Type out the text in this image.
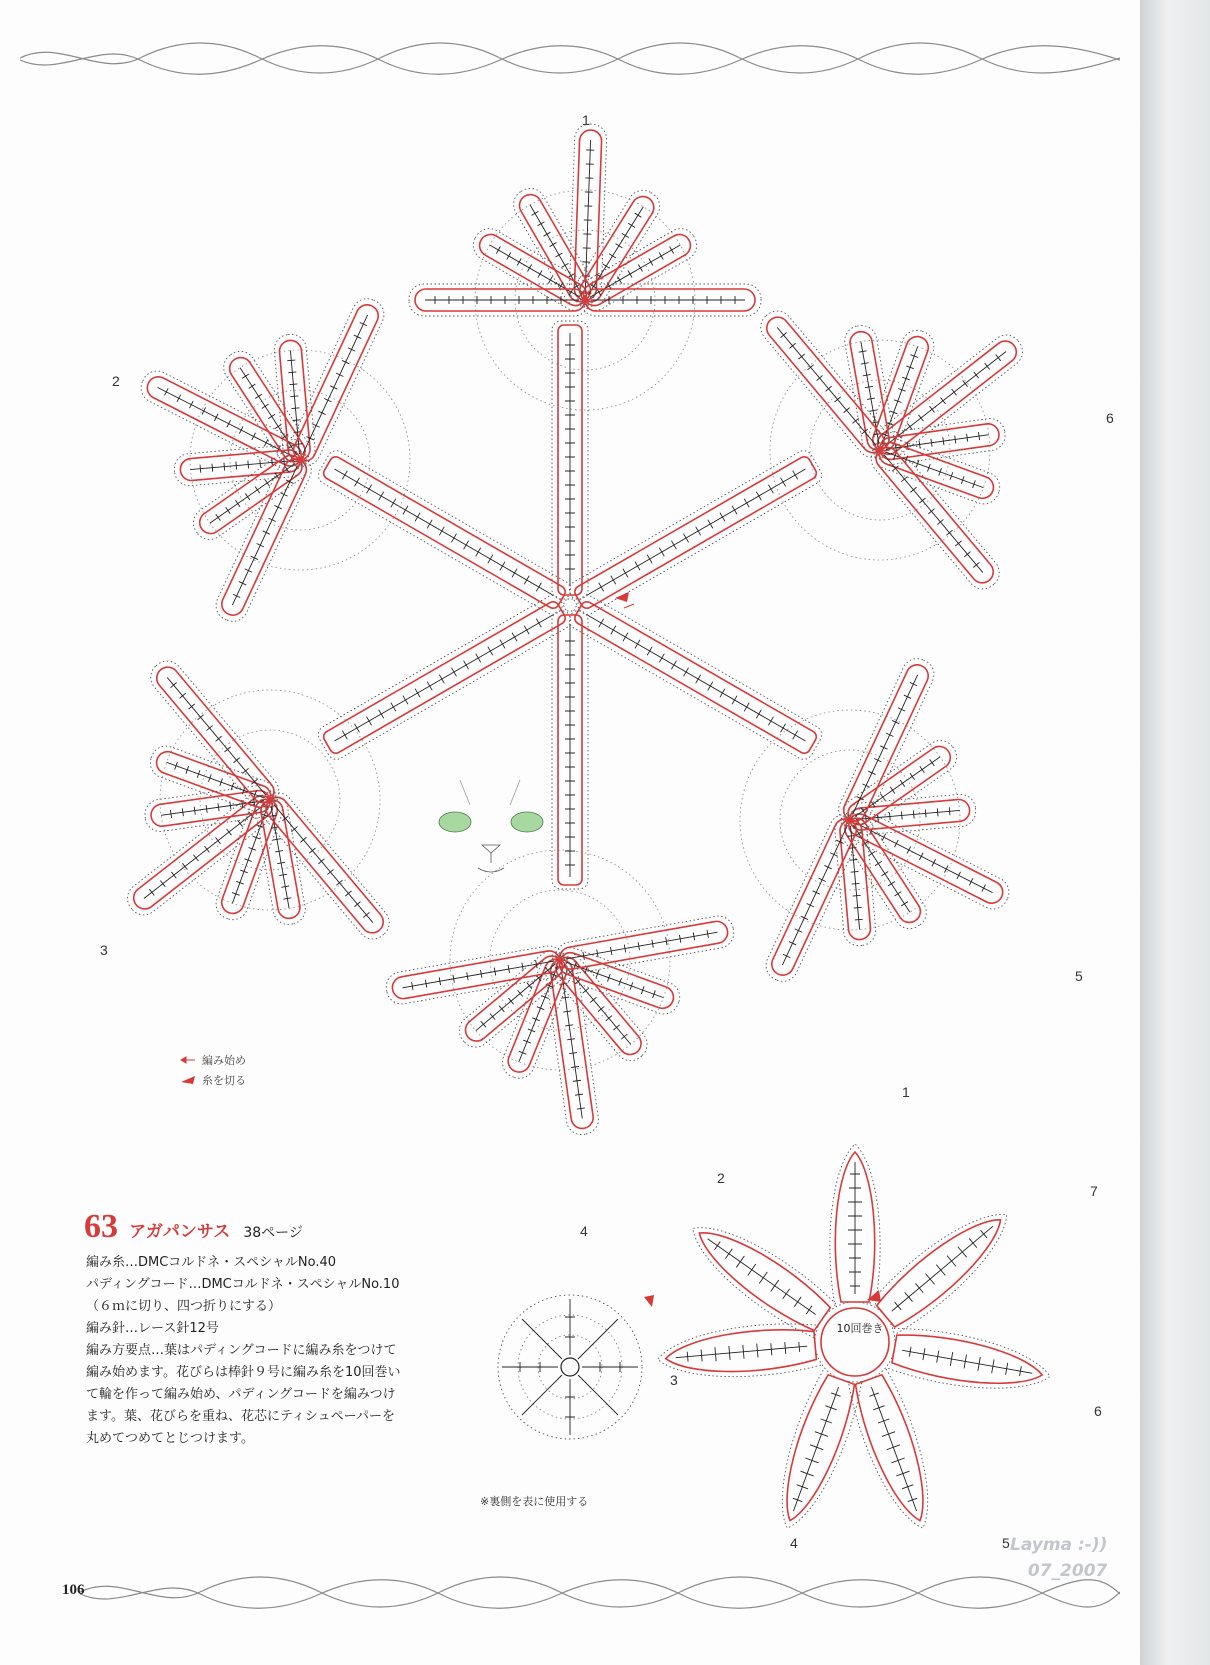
1
2
3
4
5
6
1
2
3
4	5
6
7
10回巻き
編み始め
糸を切る
63 アガパンサス 38ページ
編み糸…DMCコルドネ・スペシャルNo.40
パディングコード…DMCコルドネ・スペシャルNo.10
（６ｍに切り、四つ折りにする）
編み針…レース針12号
編み方要点…葉はパディングコードに編み糸をつけて
編み始めます。花びらは棒針９号に編み糸を10回巻い
て輪を作って編み始め、パディングコードを編みつけ
ます。葉、花びらを重ね、花芯にティシュペーパーを
丸めてつめてとじつけます。
※裏側を表に使用する
106
Layma :-))
07_2007
